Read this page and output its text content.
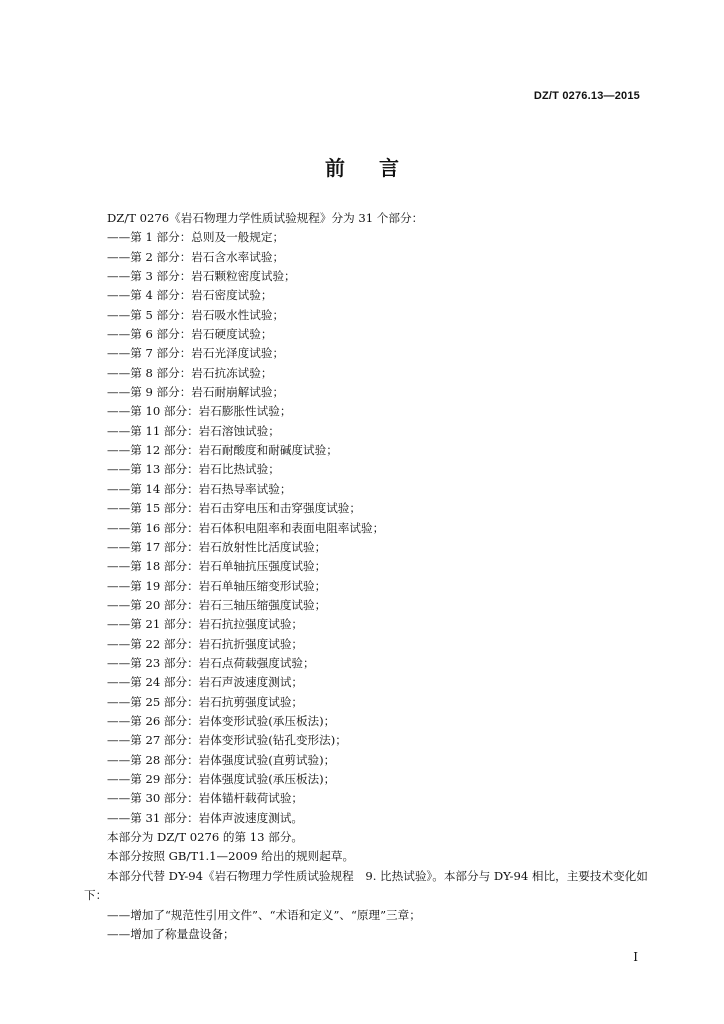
DZ/T 0276.13—2015
前 言
DZ/T 0276《岩石物理力学性质试验规程》分为 31 个部分：
——第 1 部分：总则及一般规定；
——第 2 部分：岩石含水率试验；
——第 3 部分：岩石颗粒密度试验；
——第 4 部分：岩石密度试验；
——第 5 部分：岩石吸水性试验；
——第 6 部分：岩石硬度试验；
——第 7 部分：岩石光泽度试验；
——第 8 部分：岩石抗冻试验；
——第 9 部分：岩石耐崩解试验；
——第 10 部分：岩石膨胀性试验；
——第 11 部分：岩石溶蚀试验；
——第 12 部分：岩石耐酸度和耐碱度试验；
——第 13 部分：岩石比热试验；
——第 14 部分：岩石热导率试验；
——第 15 部分：岩石击穿电压和击穿强度试验；
——第 16 部分：岩石体积电阻率和表面电阻率试验；
——第 17 部分：岩石放射性比活度试验；
——第 18 部分：岩石单轴抗压强度试验；
——第 19 部分：岩石单轴压缩变形试验；
——第 20 部分：岩石三轴压缩强度试验；
——第 21 部分：岩石抗拉强度试验；
——第 22 部分：岩石抗折强度试验；
——第 23 部分：岩石点荷载强度试验；
——第 24 部分：岩石声波速度测试；
——第 25 部分：岩石抗剪强度试验；
——第 26 部分：岩体变形试验(承压板法)；
——第 27 部分：岩体变形试验(钻孔变形法)；
——第 28 部分：岩体强度试验(直剪试验)；
——第 29 部分：岩体强度试验(承压板法)；
——第 30 部分：岩体锚杆载荷试验；
——第 31 部分：岩体声波速度测试。
本部分为 DZ/T 0276 的第 13 部分。
本部分按照 GB/T1.1—2009 给出的规则起草。
本部分代替 DY-94《岩石物理力学性质试验规程　9. 比热试验》。本部分与 DY-94 相比，主要技术变化如下：
——增加了“规范性引用文件”、“术语和定义”、“原理”三章；
——增加了称量盘设备；
I
